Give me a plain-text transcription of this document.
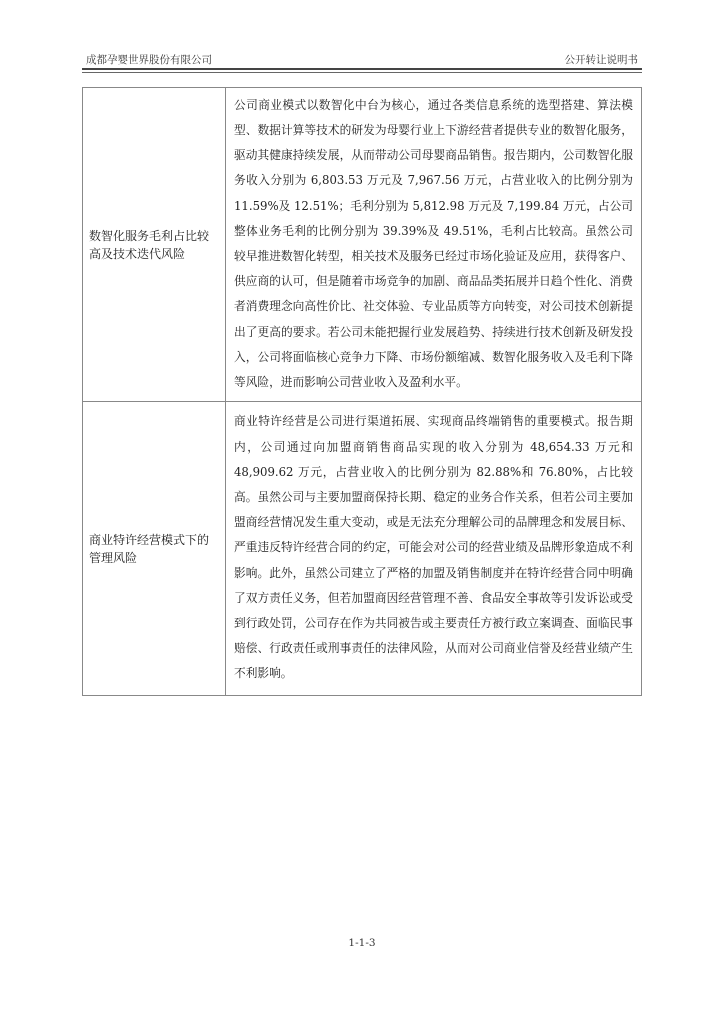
成都孕婴世界股份有限公司	公开转让说明书
数智化服务毛利占比较高及技术迭代风险	公司商业模式以数智化中台为核心，通过各类信息系统的选型搭建、算法模型、数据计算等技术的研发为母婴行业上下游经营者提供专业的数智化服务，驱动其健康持续发展，从而带动公司母婴商品销售。报告期内，公司数智化服务收入分别为 6,803.53 万元及 7,967.56 万元，占营业收入的比例分别为 11.59%及 12.51%；毛利分别为 5,812.98 万元及 7,199.84 万元，占公司整体业务毛利的比例分别为 39.39%及 49.51%，毛利占比较高。虽然公司较早推进数智化转型，相关技术及服务已经过市场化验证及应用，获得客户、供应商的认可，但是随着市场竞争的加剧、商品品类拓展并日趋个性化、消费者消费理念向高性价比、社交体验、专业品质等方向转变，对公司技术创新提出了更高的要求。若公司未能把握行业发展趋势、持续进行技术创新及研发投入，公司将面临核心竞争力下降、市场份额缩减、数智化服务收入及毛利下降等风险，进而影响公司营业收入及盈利水平。
商业特许经营模式下的管理风险	商业特许经营是公司进行渠道拓展、实现商品终端销售的重要模式。报告期内，公司通过向加盟商销售商品实现的收入分别为 48,654.33 万元和 48,909.62 万元，占营业收入的比例分别为 82.88%和 76.80%，占比较高。虽然公司与主要加盟商保持长期、稳定的业务合作关系，但若公司主要加盟商经营情况发生重大变动，或是无法充分理解公司的品牌理念和发展目标、严重违反特许经营合同的约定，可能会对公司的经营业绩及品牌形象造成不利影响。此外，虽然公司建立了严格的加盟及销售制度并在特许经营合同中明确了双方责任义务，但若加盟商因经营管理不善、食品安全事故等引发诉讼或受到行政处罚，公司存在作为共同被告或主要责任方被行政立案调查、面临民事赔偿、行政责任或刑事责任的法律风险，从而对公司商业信誉及经营业绩产生不利影响。
1-1-3
